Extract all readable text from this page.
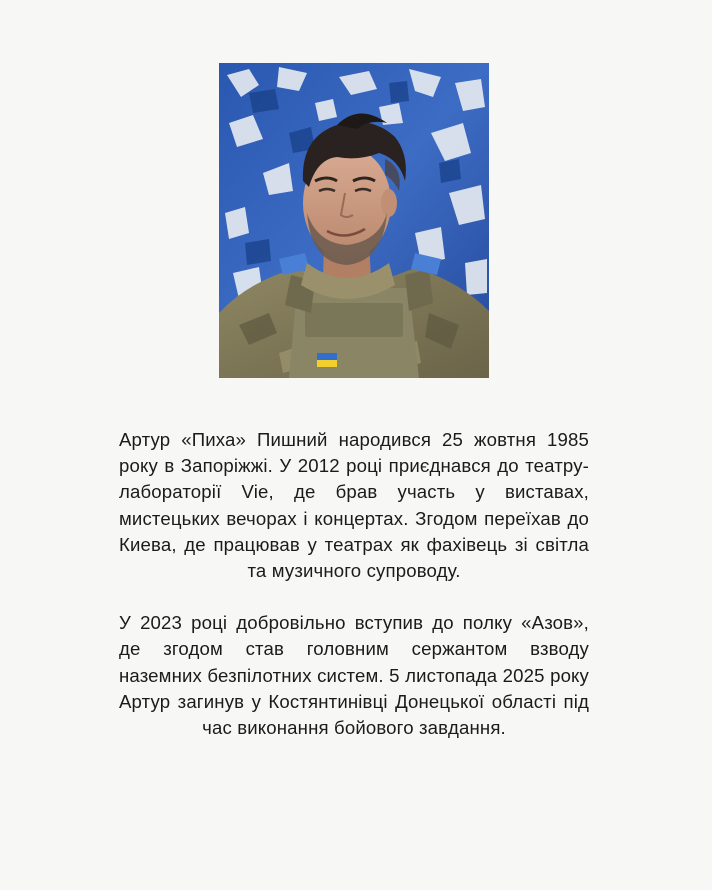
Артур «Пиха» Пишний народився 25 жовтня 1985 року в Запоріжжі. У 2012 році приєднався до театру-лабораторії Vie, де брав участь у виставах, мистецьких вечорах і концертах. Згодом переїхав до Киева, де працював у театрах як фахівець зі світла та музичного супроводу.

У 2023 році добровільно вступив до полку «Азов», де згодом став головним сержантом взводу наземних безпілотних систем. 5 листопада 2025 року Артур загинув у Костянтинівці Донецької області під час виконання бойового завдання.
